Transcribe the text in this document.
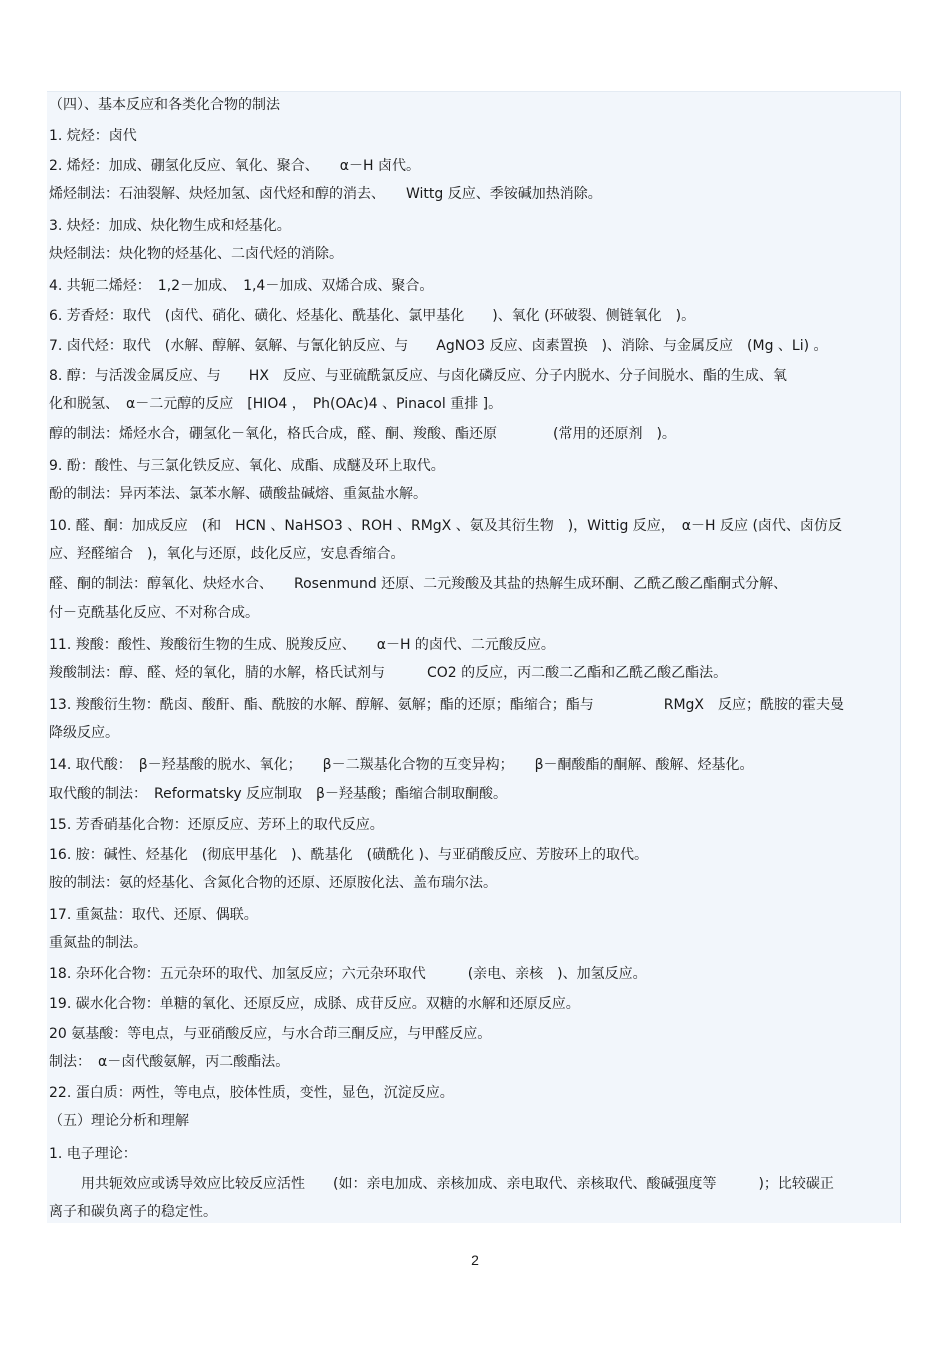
（四）、基本反应和各类化合物的制法
1. 烷烃：卤代
2. 烯烃：加成、硼氢化反应、氧化、聚合、　　α－H 卤代。
烯烃制法：石油裂解、炔烃加氢、卤代烃和醇的消去、　　Wittg 反应、季铵碱加热消除。
3. 炔烃：加成、炔化物生成和烃基化。
炔烃制法：炔化物的烃基化、二卤代烃的消除。
4. 共轭二烯烃：　1,2－加成、　1,4－加成、双烯合成、聚合。
6. 芳香烃：取代　(卤代、硝化、磺化、烃基化、酰基化、氯甲基化　　)、氧化 (环破裂、侧链氧化　)。
7. 卤代烃：取代　(水解、醇解、氨解、与氰化钠反应、与　　AgNO3 反应、卤素置换　)、消除、与金属反应　(Mg 、Li) 。
8. 醇：与活泼金属反应、与　　HX　反应、与亚硫酰氯反应、与卤化磷反应、分子内脱水、分子间脱水、酯的生成、氧
化和脱氢、　α－二元醇的反应　[HIO4 ，　Ph(OAc)4 、Pinacol 重排 ]。
醇的制法：烯烃水合，硼氢化－氧化，格氏合成，醛、酮、羧酸、酯还原　　　　(常用的还原剂　)。
9. 酚：酸性、与三氯化铁反应、氧化、成酯、成醚及环上取代。
酚的制法：异丙苯法、氯苯水解、磺酸盐碱熔、重氮盐水解。
10. 醛、酮：加成反应　(和　HCN 、NaHSO3 、ROH 、RMgX 、氨及其衍生物　)，Wittig 反应，　α－H 反应 (卤代、卤仿反
应、羟醛缩合　)，氧化与还原，歧化反应，安息香缩合。
醛、酮的制法：醇氧化、炔烃水合、　　Rosenmund 还原、二元羧酸及其盐的热解生成环酮、乙酰乙酸乙酯酮式分解、
付－克酰基化反应、不对称合成。
11. 羧酸：酸性、羧酸衍生物的生成、脱羧反应、　　α－H 的卤代、二元酸反应。
羧酸制法：醇、醛、烃的氧化，腈的水解，格氏试剂与　　　CO2 的反应，丙二酸二乙酯和乙酰乙酸乙酯法。
13. 羧酸衍生物：酰卤、酸酐、酯、酰胺的水解、醇解、氨解；酯的还原；酯缩合；酯与　　　　　RMgX　反应；酰胺的霍夫曼
降级反应。
14. 取代酸：　β－羟基酸的脱水、氧化；　　β－二羰基化合物的互变异构；　　β－酮酸酯的酮解、酸解、烃基化。
取代酸的制法：　Reformatsky 反应制取　β－羟基酸；酯缩合制取酮酸。
15. 芳香硝基化合物：还原反应、芳环上的取代反应。
16. 胺：碱性、烃基化　(彻底甲基化　)、酰基化　(磺酰化 )、与亚硝酸反应、芳胺环上的取代。
胺的制法：氨的烃基化、含氮化合物的还原、还原胺化法、盖布瑞尔法。
17. 重氮盐：取代、还原、偶联。
重氮盐的制法。
18. 杂环化合物：五元杂环的取代、加氢反应；六元杂环取代　　　(亲电、亲核　)、加氢反应。
19. 碳水化合物：单糖的氧化、还原反应，成脎、成苷反应。双糖的水解和还原反应。
20 氨基酸：等电点，与亚硝酸反应，与水合茚三酮反应，与甲醛反应。
制法：　α－卤代酸氨解，丙二酸酯法。
22. 蛋白质：两性，等电点，胶体性质，变性，显色，沉淀反应。
（五）理论分析和理解
1. 电子理论：
用共轭效应或诱导效应比较反应活性　　(如：亲电加成、亲核加成、亲电取代、亲核取代、酸碱强度等　　　)；比较碳正
离子和碳负离子的稳定性。
2
